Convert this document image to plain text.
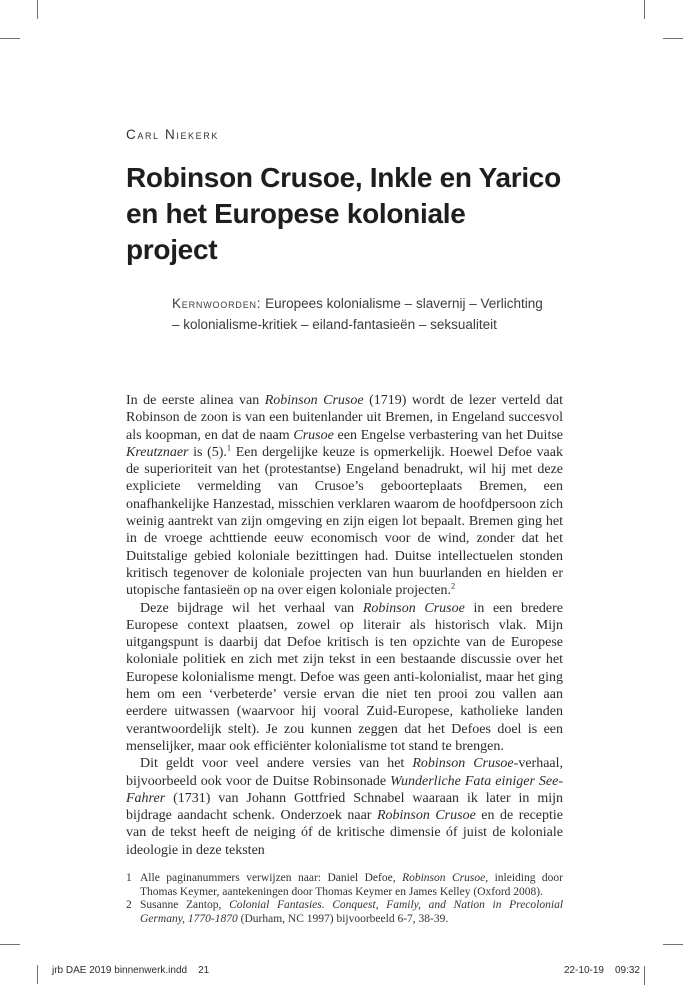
Carl Niekerk
Robinson Crusoe, Inkle en Yarico
en het Europese koloniale project
Kernwoorden: Europees kolonialisme – slavernij – Verlichting – kolonialisme-kritiek – eiland-fantasieën – seksualiteit

In de eerste alinea van Robinson Crusoe (1719) wordt de lezer verteld dat Robinson de zoon is van een buitenlander uit Bremen, in Engeland succesvol als koopman, en dat de naam Crusoe een Engelse verbastering van het Duitse Kreutznaer is (5).$^1$ Een dergelijke keuze is opmerkelijk. Hoewel Defoe vaak de superioriteit van het (protestantse) Engeland benadrukt, wil hij met deze expliciete vermelding van Crusoe’s geboorteplaats Bremen, een onafhankelijke Hanzestad, misschien verklaren waarom de hoofdpersoon zich weinig aantrekt van zijn omgeving en zijn eigen lot bepaalt. Bremen ging het in de vroege achttiende eeuw economisch voor de wind, zonder dat het Duitstalige gebied koloniale bezittingen had. Duitse intellectuelen stonden kritisch tegenover de koloniale projecten van hun buurlanden en hielden er utopische fantasieën op na over eigen koloniale projecten.$^2$

Deze bijdrage wil het verhaal van Robinson Crusoe in een bredere Europese context plaatsen, zowel op literair als historisch vlak. Mijn uitgangspunt is daarbij dat Defoe kritisch is ten opzichte van de Europese koloniale politiek en zich met zijn tekst in een bestaande discussie over het Europese kolonialisme mengt. Defoe was geen anti-kolonialist, maar het ging hem om een ‘verbeterde’ versie ervan die niet ten prooi zou vallen aan eerdere uitwassen (waarvoor hij vooral Zuid-Europese, katholieke landen verantwoordelijk stelt). Je zou kunnen zeggen dat het Defoes doel is een menselijker, maar ook efficiënter kolonialisme tot stand te brengen.

Dit geldt voor veel andere versies van het Robinson Crusoe-verhaal, bijvoorbeeld ook voor de Duitse Robinsonade Wunderliche Fata einiger See-Fahrer (1731) van Johann Gottfried Schnabel waaraan ik later in mijn bijdrage aandacht schenk. Onderzoek naar Robinson Crusoe en de receptie van de tekst heeft de neiging óf de kritische dimensie óf juist de koloniale ideologie in deze teksten

1 Alle paginanummers verwijzen naar: Daniel Defoe, Robinson Crusoe, inleiding door Thomas Keymer, aantekeningen door Thomas Keymer en James Kelley (Oxford 2008).
2 Susanne Zantop, Colonial Fantasies. Conquest, Family, and Nation in Precolonial Germany, 1770-1870 (Durham, NC 1997) bijvoorbeeld 6-7, 38-39.
jrb DAE 2019 binnenwerk.indd 21	22-10-19 09:32
